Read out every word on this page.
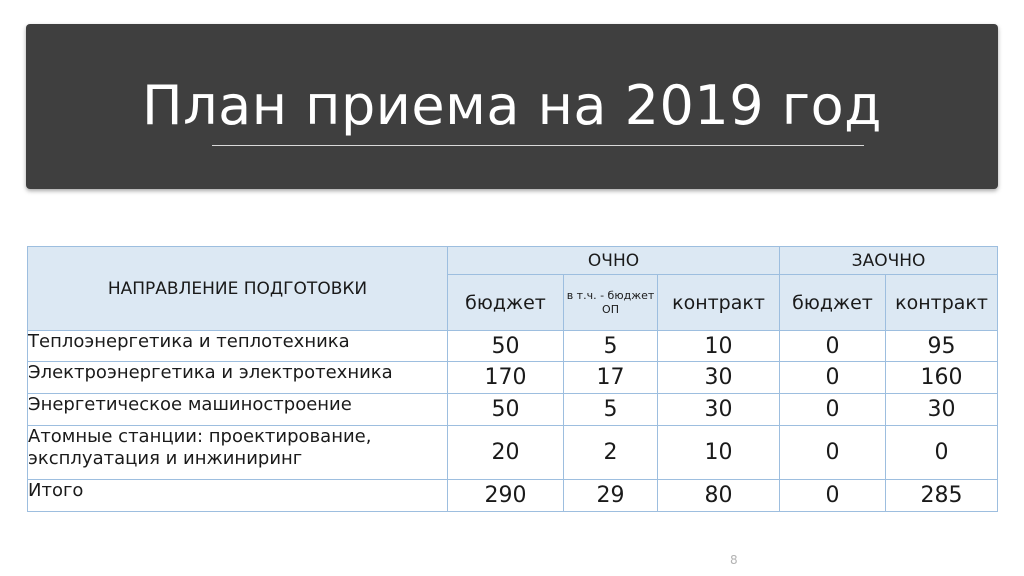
План приема на 2019 год
НАПРАВЛЕНИЕ ПОДГОТОВКИ	ОЧНО			ЗАОЧНО	
	бюджет	в т.ч. - бюджет ОП	контракт	бюджет	контракт
Теплоэнергетика и теплотехника	50	5	10	0	95
Электроэнергетика и электротехника	170	17	30	0	160
Энергетическое машиностроение	50	5	30	0	30
Атомные станции: проектирование, эксплуатация и инжиниринг	20	2	10	0	0
Итого	290	29	80	0	285
8
